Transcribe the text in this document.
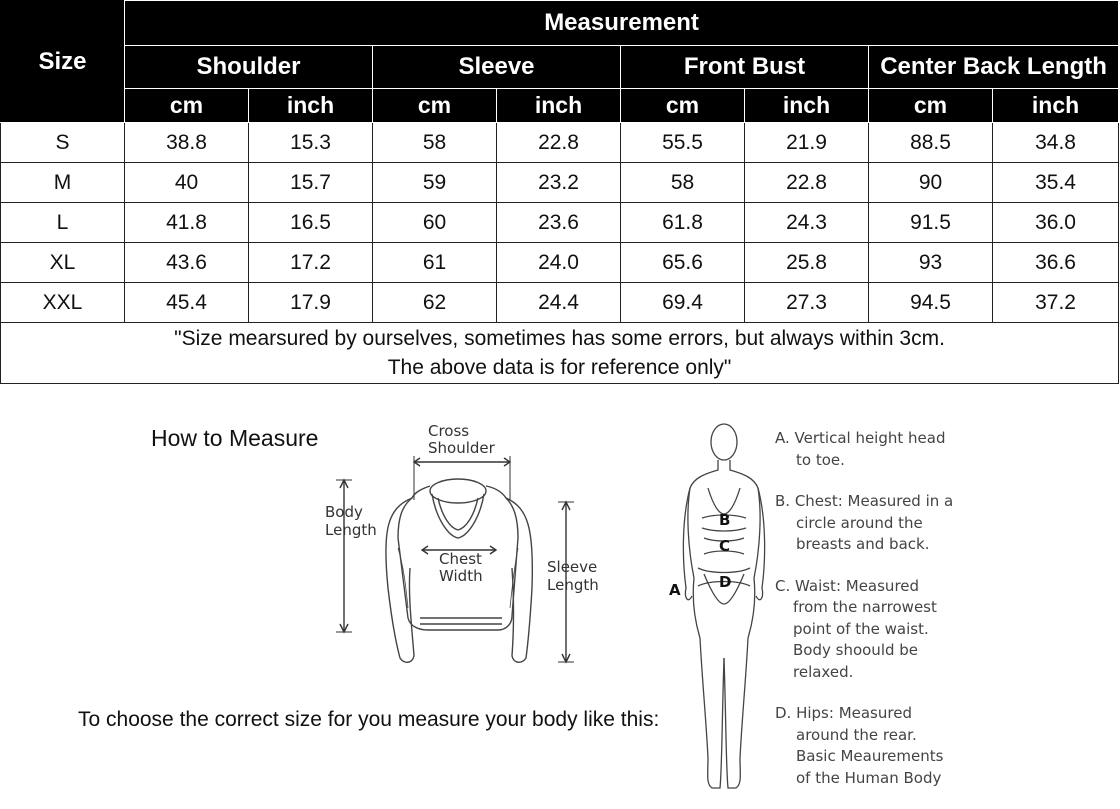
Size	Measurement							
	Shoulder		Sleeve		Front Bust		Center Back Length	
	cm	inch	cm	inch	cm	inch	cm	inch
S	38.8	15.3	58	22.8	55.5	21.9	88.5	34.8
M	40	15.7	59	23.2	58	22.8	90	35.4
L	41.8	16.5	60	23.6	61.8	24.3	91.5	36.0
XL	43.6	17.2	61	24.0	65.6	25.8	93	36.6
XXL	45.4	17.9	62	24.4	69.4	27.3	94.5	37.2

"Size mearsured by ourselves, sometimes has some errors, but always within 3cm.
The above data is for reference only"								
How to Measure	Cross
Shoulder
Body
Length
Chest
Width	Sleeve
Length
To choose the correct size for you measure your body like this:
B
C
D
A
A. Vertical height head
to toe.
B. Chest: Measured in a
circle around the
breasts and back.
C. Waist: Measured
from the narrowest
point of the waist.
Body shoould be
relaxed.
D. Hips: Measured
around the rear.
Basic Meaurements
of the Human Body
